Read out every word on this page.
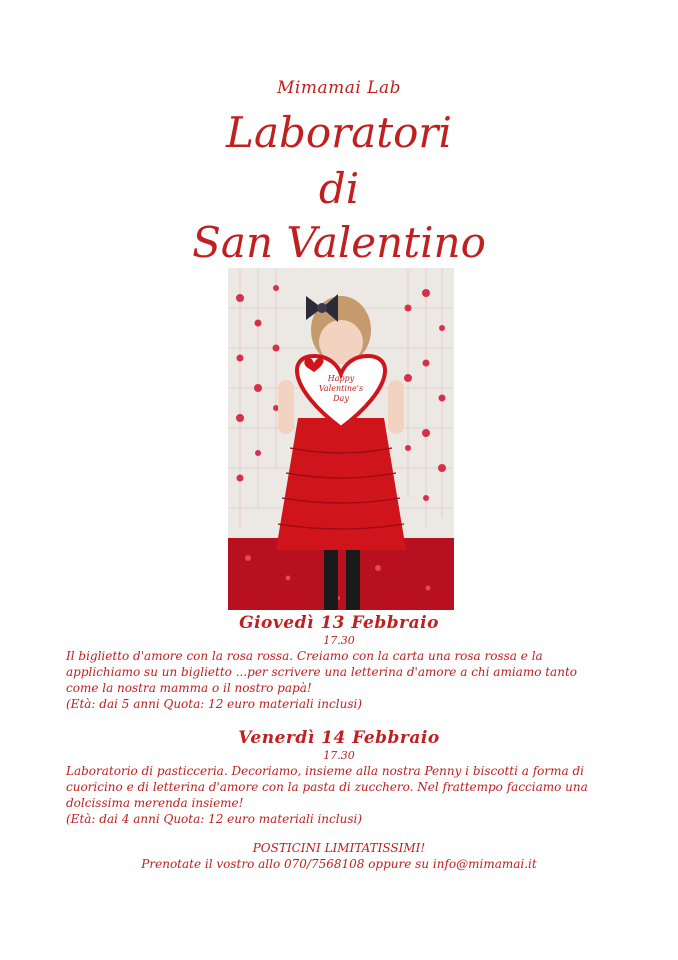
Mimamai Lab
Laboratori
di
San Valentino
Happy
Valentine's
Day
Giovedì 13 Febbraio
17.30
Il biglietto d'amore con la rosa rossa. Creiamo con la carta una rosa rossa e la
applichiamo su un biglietto ...per scrivere una letterina d'amore a chi amiamo tanto
come la nostra mamma o il nostro papà!
(Età: dai 5 anni Quota: 12 euro materiali inclusi)
Venerdì 14 Febbraio
17.30
Laboratorio di pasticceria. Decoriamo, insieme alla nostra Penny i biscotti a forma di
cuoricino e di letterina d'amore con la pasta di zucchero. Nel frattempo facciamo una
dolcissima merenda insieme!
(Età: dai 4 anni Quota: 12 euro materiali inclusi)
POSTICINI LIMITATISSIMI!
Prenotate il vostro allo 070/7568108 oppure su info@mimamai.it
